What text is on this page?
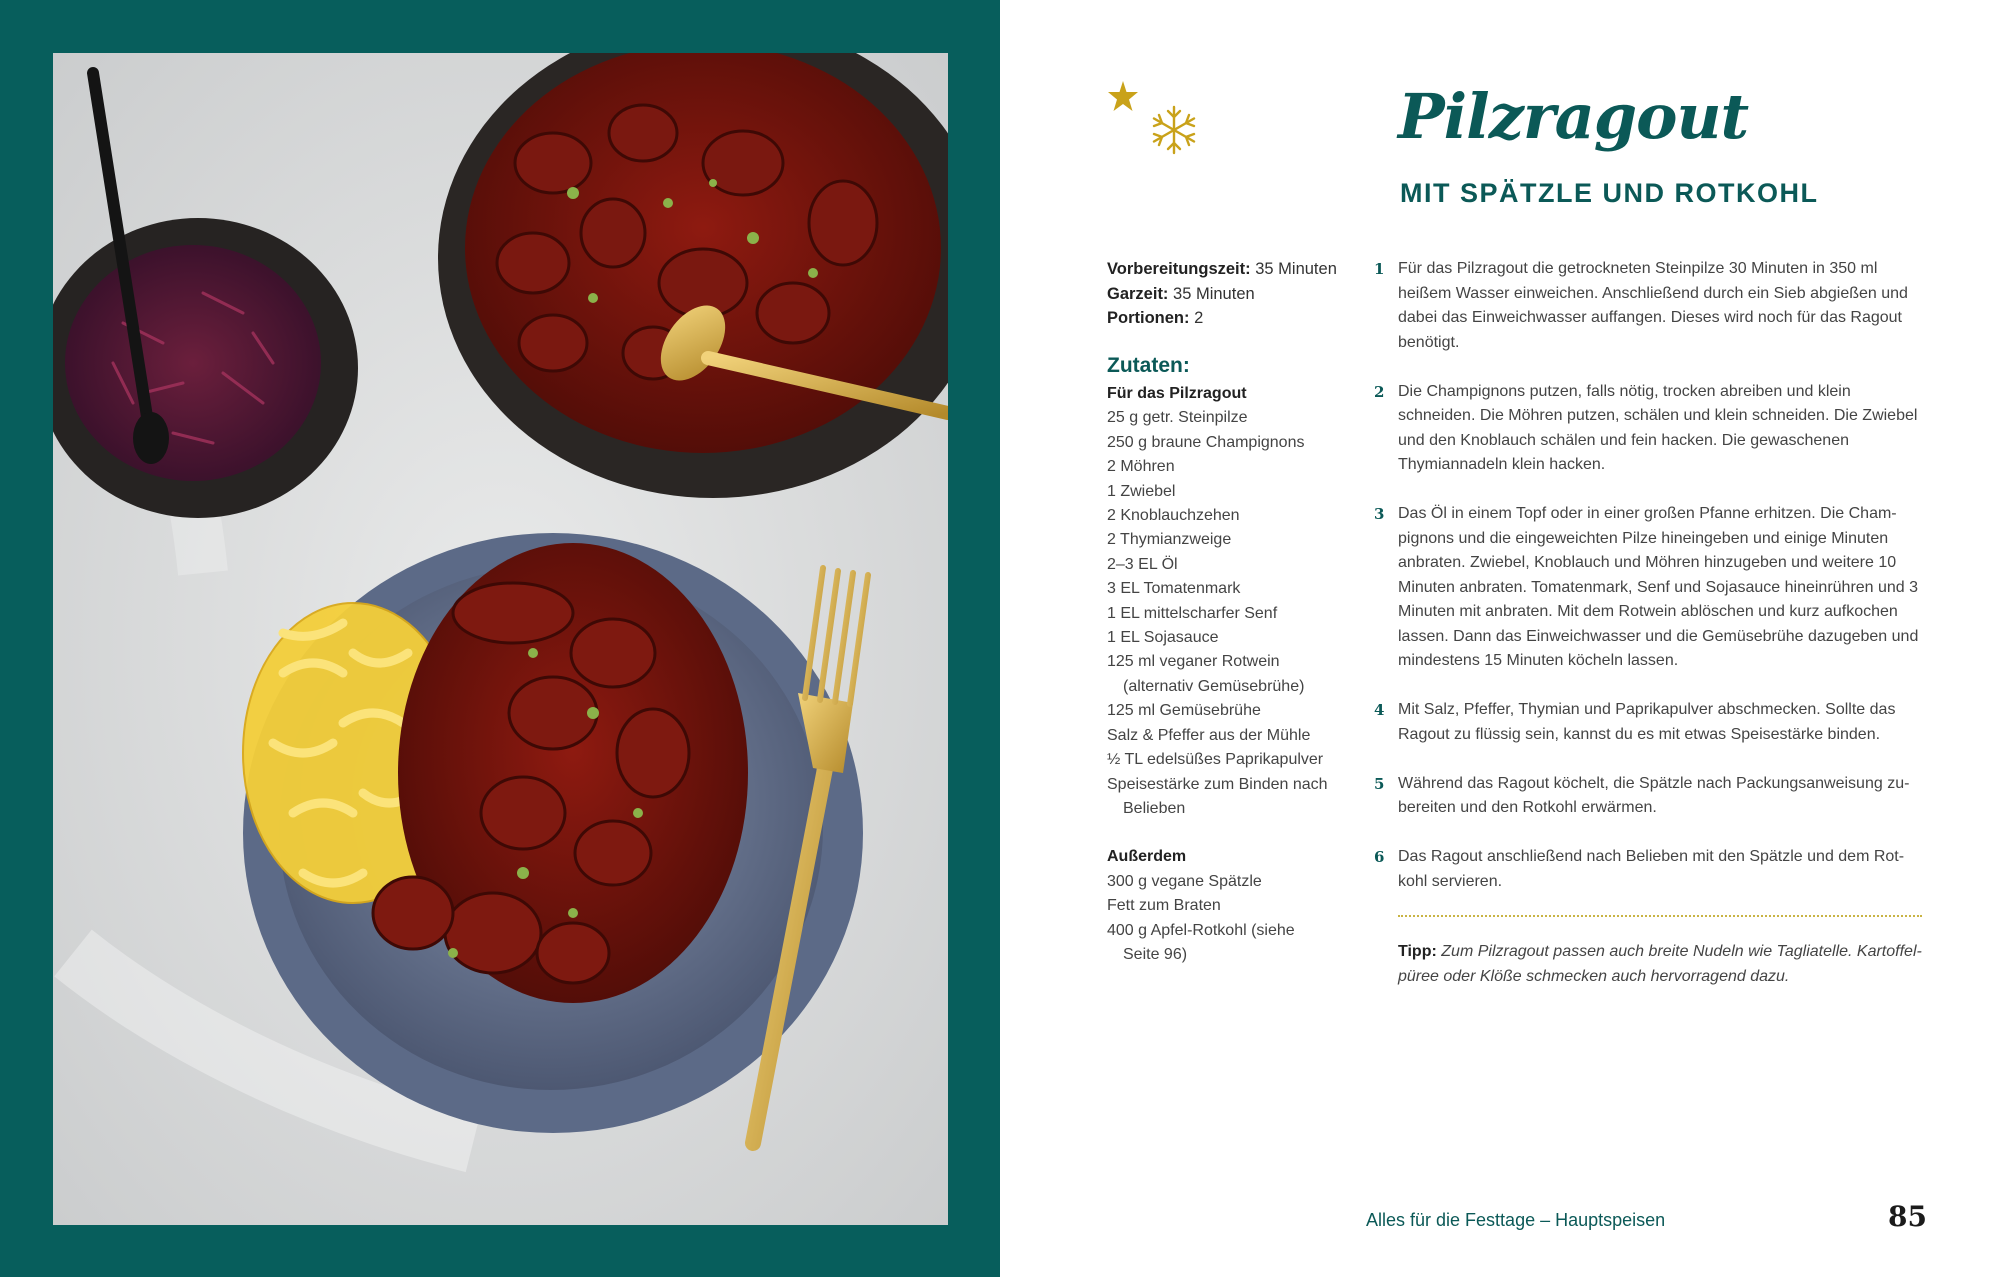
Pilzragout
MIT SPÄTZLE UND ROTKOHL
Vorbereitungszeit: 35 Minuten
Garzeit: 35 Minuten
Portionen: 2
Zutaten:
Für das Pilzragout
25 g getr. Steinpilze
250 g braune Champignons
2 Möhren
1 Zwiebel
2 Knoblauchzehen
2 Thymianzweige
2–3 EL Öl
3 EL Tomatenmark
1 EL mittelscharfer Senf
1 EL Sojasauce
125 ml veganer Rotwein
(alternativ Gemüsebrühe)
125 ml Gemüsebrühe
Salz & Pfeffer aus der Mühle
½ TL edelsüßes Paprikapulver
Speisestärke zum Binden nach
Belieben
Außerdem
300 g vegane Spätzle
Fett zum Braten
400 g Apfel-Rotkohl (siehe
Seite 96)
1 Für das Pilzragout die getrockneten Steinpilze 30 Minuten in 350 ml heißem Wasser einweichen. Anschließend durch ein Sieb abgießen und dabei das Einweichwasser auffangen. Dieses wird noch für das Ragout benötigt.
2 Die Champignons putzen, falls nötig, trocken abreiben und klein schneiden. Die Möhren putzen, schälen und klein schneiden. Die Zwiebel und den Knoblauch schälen und fein hacken. Die gewaschenen Thymiannadeln klein hacken.
3 Das Öl in einem Topf oder in einer großen Pfanne erhitzen. Die Champignons und die eingeweichten Pilze hineingeben und einige Minuten anbraten. Zwiebel, Knoblauch und Möhren hinzugeben und weitere 10 Minuten anbraten. Tomatenmark, Senf und Sojasauce hineinrühren und 3 Minuten mit anbraten. Mit dem Rotwein ablöschen und kurz aufkochen lassen. Dann das Einweichwasser und die Gemüsebrühe dazugeben und mindestens 15 Minuten köcheln lassen.
4 Mit Salz, Pfeffer, Thymian und Paprikapulver abschmecken. Sollte das Ragout zu flüssig sein, kannst du es mit etwas Speisestärke binden.
5 Während das Ragout köchelt, die Spätzle nach Packungsanweisung zubereiten und den Rotkohl erwärmen.
6 Das Ragout anschließend nach Belieben mit den Spätzle und dem Rotkohl servieren.

Tipp: Zum Pilzragout passen auch breite Nudeln wie Tagliatelle. Kartoffelpüree oder Klöße schmecken auch hervorragend dazu.

Alles für die Festtage – Hauptspeisen	85
